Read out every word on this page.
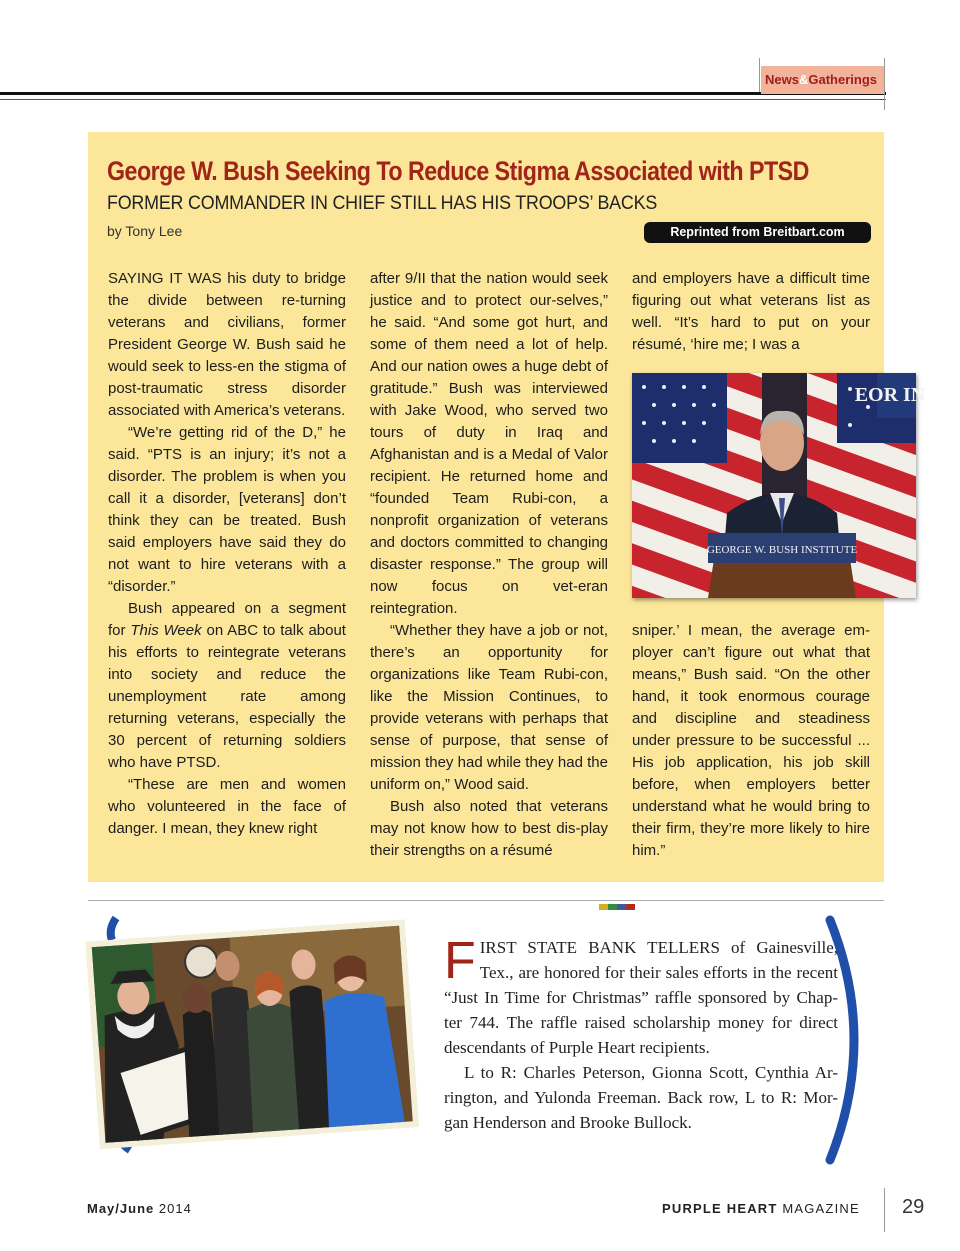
News&Gatherings
George W. Bush Seeking To Reduce Stigma Associated with PTSD
FORMER COMMANDER IN CHIEF STILL HAS HIS TROOPS’ BACKS
by Tony Lee	Reprinted from Breitbart.com

SAYING IT WAS his duty to bridge the divide between re-turning veterans and civilians, former President George W. Bush said he would seek to less-en the stigma of post-traumatic stress disorder associated with America’s veterans.

“We’re getting rid of the D,” he said. “PTS is an injury; it’s not a disorder. The problem is when you call it a disorder, [veterans] don’t think they can be treated. Bush said employers have said they do not want to hire veterans with a “disorder.”

Bush appeared on a segment for This Week on ABC to talk about his efforts to reintegrate veterans into society and reduce the unemployment rate among returning veterans, especially the 30 percent of returning soldiers who have PTSD.

“These are men and women who volunteered in the face of danger. I mean, they knew right

after 9/II that the nation would seek justice and to protect our-selves,” he said. “And some got hurt, and some of them need a lot of help. And our nation owes a huge debt of gratitude.” Bush was interviewed with Jake Wood, who served two tours of duty in Iraq and Afghanistan and is a Medal of Valor recipient. He returned home and “founded Team Rubi-con, a nonprofit organization of veterans and doctors committed to changing disaster response.” The group will now focus on vet-eran reintegration.

“Whether they have a job or not, there’s an opportunity for organizations like Team Rubi-con, like the Mission Continues, to provide veterans with perhaps that sense of purpose, that sense of mission they had while they had the uniform on,” Wood said.

Bush also noted that veterans may not know how to best dis-play their strengths on a résumé

and employers have a difficult time figuring out what veterans list as well. “It’s hard to put on your résumé, ‘hire me; I was a

sniper.’ I mean, the average em-ployer can’t figure out what that means,” Bush said. “On the other hand, it took enormous courage and discipline and steadiness under pressure to be successful ... His job application, his job skill before, when employers better understand what he would bring to their firm, they’re more likely to hire him.”

GEORGE W. BUSH INSTITUTE
EOR IN

FIRST STATE BANK TELLERS of Gainesville, Tex., are honored for their sales efforts in the recent “Just In Time for Christmas” raffle sponsored by Chap-ter 744. The raffle raised scholarship money for direct descendants of Purple Heart recipients.

L to R: Charles Peterson, Gionna Scott, Cynthia Ar-rington, and Yulonda Freeman. Back row, L to R: Mor-gan Henderson and Brooke Bullock.

May/June 2014	PURPLE HEART MAGAZINE 29
